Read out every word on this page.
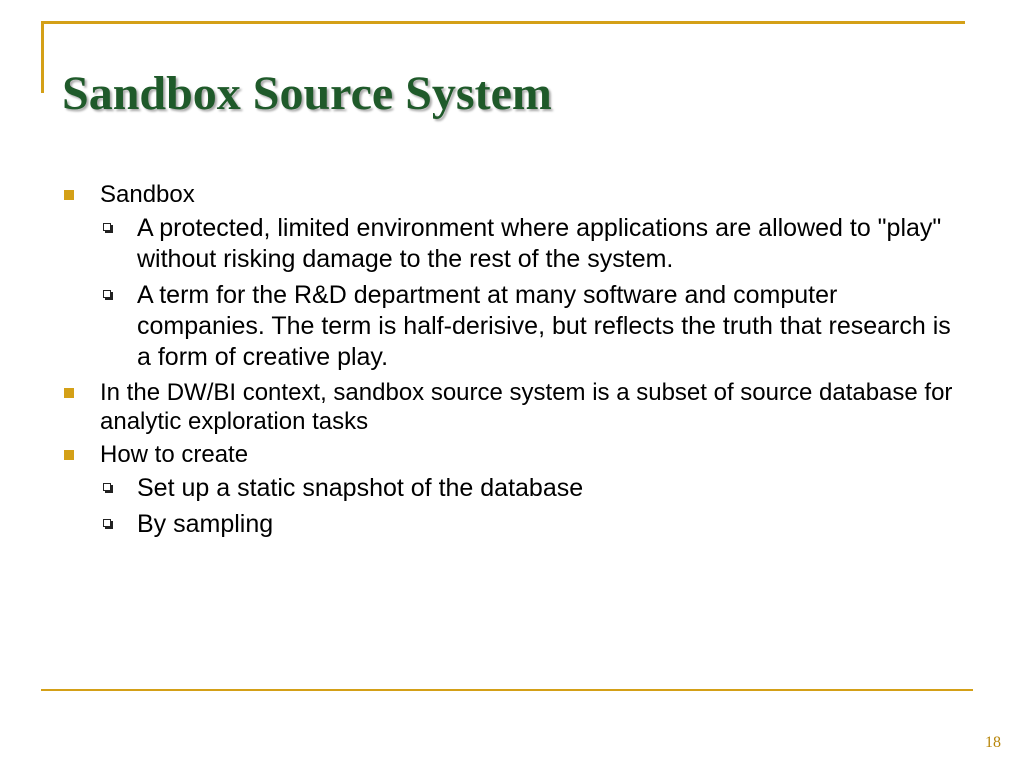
Sandbox Source System
Sandbox
A protected, limited environment where applications are allowed to "play" without risking damage to the rest of the system.
A term for the R&D department at many software and computer companies. The term is half-derisive, but reflects the truth that research is a form of creative play.
In the DW/BI context, sandbox source system is a subset of source database for analytic exploration tasks
How to create
Set up a static snapshot of the database
By sampling
18
